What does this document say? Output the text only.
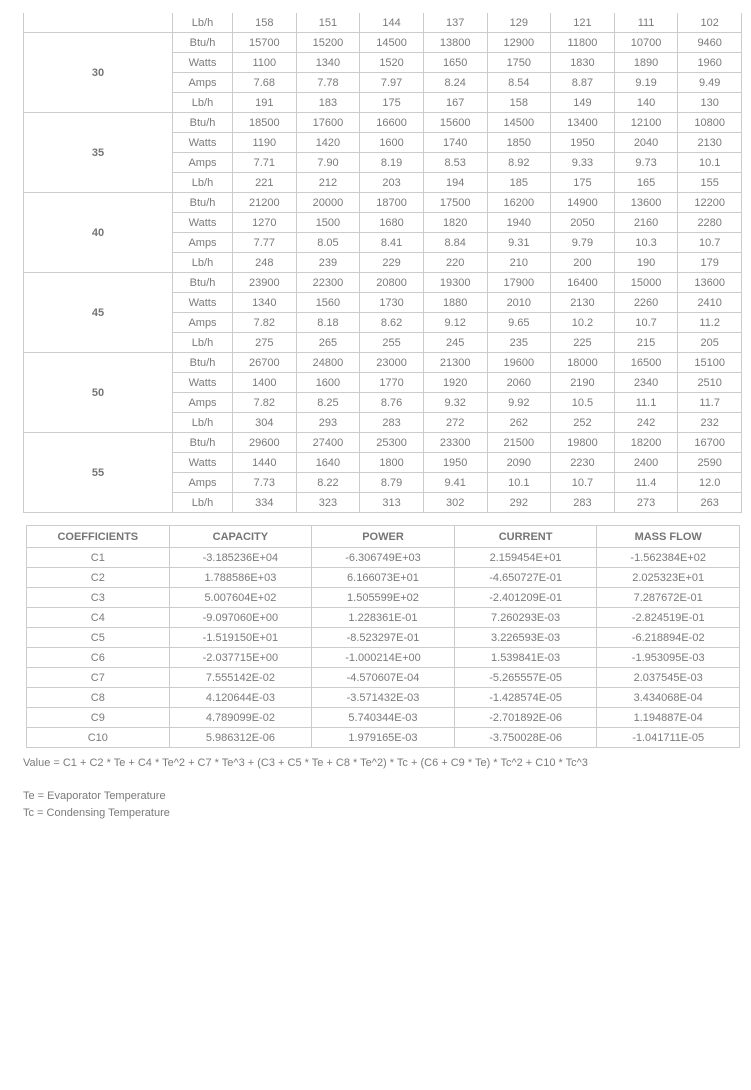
	Lb/h	158	151	144	137	129	121	111	102
30	Btu/h	15700	15200	14500	13800	12900	11800	10700	9460
	Watts	1100	1340	1520	1650	1750	1830	1890	1960
	Amps	7.68	7.78	7.97	8.24	8.54	8.87	9.19	9.49
	Lb/h	191	183	175	167	158	149	140	130
35	Btu/h	18500	17600	16600	15600	14500	13400	12100	10800
	Watts	1190	1420	1600	1740	1850	1950	2040	2130
	Amps	7.71	7.90	8.19	8.53	8.92	9.33	9.73	10.1
	Lb/h	221	212	203	194	185	175	165	155
40	Btu/h	21200	20000	18700	17500	16200	14900	13600	12200
	Watts	1270	1500	1680	1820	1940	2050	2160	2280
	Amps	7.77	8.05	8.41	8.84	9.31	9.79	10.3	10.7
	Lb/h	248	239	229	220	210	200	190	179
45	Btu/h	23900	22300	20800	19300	17900	16400	15000	13600
	Watts	1340	1560	1730	1880	2010	2130	2260	2410
	Amps	7.82	8.18	8.62	9.12	9.65	10.2	10.7	11.2
	Lb/h	275	265	255	245	235	225	215	205
50	Btu/h	26700	24800	23000	21300	19600	18000	16500	15100
	Watts	1400	1600	1770	1920	2060	2190	2340	2510
	Amps	7.82	8.25	8.76	9.32	9.92	10.5	11.1	11.7
	Lb/h	304	293	283	272	262	252	242	232
55	Btu/h	29600	27400	25300	23300	21500	19800	18200	16700
	Watts	1440	1640	1800	1950	2090	2230	2400	2590
	Amps	7.73	8.22	8.79	9.41	10.1	10.7	11.4	12.0
	Lb/h	334	323	313	302	292	283	273	263
COEFFICIENTS	CAPACITY	POWER	CURRENT	MASS FLOW
C1	-3.185236E+04	-6.306749E+03	2.159454E+01	-1.562384E+02
C2	1.788586E+03	6.166073E+01	-4.650727E-01	2.025323E+01
C3	5.007604E+02	1.505599E+02	-2.401209E-01	7.287672E-01
C4	-9.097060E+00	1.228361E-01	7.260293E-03	-2.824519E-01
C5	-1.519150E+01	-8.523297E-01	3.226593E-03	-6.218894E-02
C6	-2.037715E+00	-1.000214E+00	1.539841E-03	-1.953095E-03
C7	7.555142E-02	-4.570607E-04	-5.265557E-05	2.037545E-03
C8	4.120644E-03	-3.571432E-03	-1.428574E-05	3.434068E-04
C9	4.789099E-02	5.740344E-03	-2.701892E-06	1.194887E-04
C10	5.986312E-06	1.979165E-03	-3.750028E-06	-1.041711E-05
Value = C1 + C2 * Te + C4 * Te^2 + C7 * Te^3 + (C3 + C5 * Te + C8 * Te^2) * Tc + (C6 + C9 * Te) * Tc^2 + C10 * Tc^3
Te = Evaporator Temperature
Tc = Condensing Temperature
